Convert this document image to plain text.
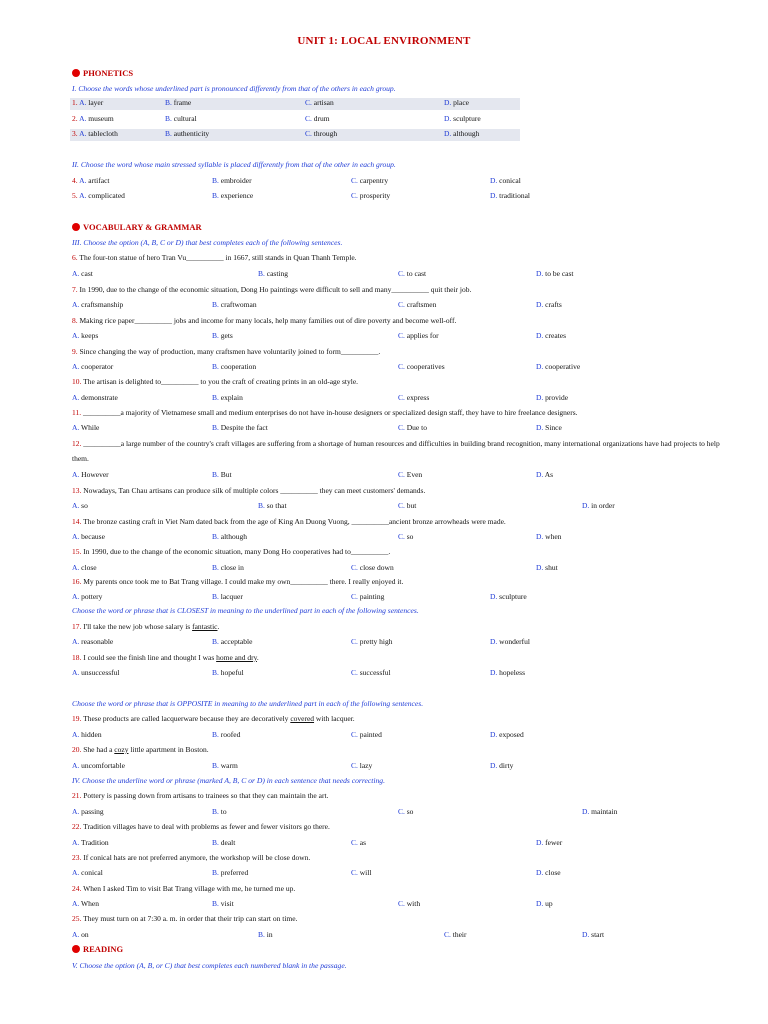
UNIT 1: LOCAL ENVIRONMENT
PHONETICS
I. Choose the words whose underlined part is pronounced differently from that of the others in each group.
1. A. layer	B. frame	C. artisan	D. place
2. A. museum	B. cultural	C. drum	D. sculpture
3. A. tablecloth	B. authenticity	C. through	D. although
II. Choose the word whose main stressed syllable is placed differently from that of the other in each group.
4. A. artifact	B. embroider	C. carpentry	D. conical
5. A. complicated	B. experience	C. prosperity	D. traditional
VOCABULARY & GRAMMAR
III. Choose the option (A, B, C or D) that best completes each of the following sentences.
6. The four-ton statue of hero Tran Vu__________ in 1667, still stands in Quan Thanh Temple.
A. cast	B. casting	C. to cast	D. to be cast
7. In 1990, due to the change of the economic situation, Dong Ho paintings were difficult to sell and many__________ quit their job.
A. craftsmanship	B. craftwoman	C. craftsmen	D. crafts
8. Making rice paper__________ jobs and income for many locals, help many families out of dire poverty and become well-off.
A. keeps	B. gets	C. applies for	D. creates
9. Since changing the way of production, many craftsmen have voluntarily joined to form__________.
A. cooperator	B. cooperation	C. cooperatives	D. cooperative
10. The artisan is delighted to__________ to you the craft of creating prints in an old-age style.
A. demonstrate	B. explain	C. express	D. provide
11. __________a majority of Vietnamese small and medium enterprises do not have in-house designers or specialized design staff, they have to hire freelance designers.
A. While	B. Despite the fact	C. Due to	D. Since
12. __________a large number of the country's craft villages are suffering from a shortage of human resources and difficulties in building brand recognition, many international organizations have had projects to help them.
A. However	B. But	C. Even	D. As
13. Nowadays, Tan Chau artisans can produce silk of multiple colors __________ they can meet customers' demands.
A. so	B. so that	C. but	D. in order
14. The bronze casting craft in Viet Nam dated back from the age of King An Duong Vuong, __________ancient bronze arrowheads were made.
A. because	B. although	C. so	D. when
15. In 1990, due to the change of the economic situation, many Dong Ho cooperatives had to__________.
A. close	B. close in	C. close down	D. shut
16. My parents once took me to Bat Trang village. I could make my own__________ there. I really enjoyed it.
A. pottery	B. lacquer	C. painting	D. sculpture
Choose the word or phrase that is CLOSEST in meaning to the underlined part in each of the following sentences.
17. I'll take the new job whose salary is fantastic.
A. reasonable	B. acceptable	C. pretty high	D. wonderful
18. I could see the finish line and thought I was home and dry.
A. unsuccessful	B. hopeful	C. successful	D. hopeless
Choose the word or phrase that is OPPOSITE in meaning to the underlined part in each of the following sentences.
19. These products are called lacquerware because they are decoratively covered with lacquer.
A. hidden	B. roofed	C. painted	D. exposed
20. She had a cozy little apartment in Boston.
A. uncomfortable	B. warm	C. lazy	D. dirty
IV. Choose the underline word or phrase (marked A, B, C or D) in each sentence that needs correcting.
21. Pottery is passing down from artisans to trainees so that they can maintain the art.
A. passing	B. to	C. so	D. maintain
22. Tradition villages have to deal with problems as fewer and fewer visitors go there.
A. Tradition	B. dealt	C. as	D. fewer
23. If conical hats are not preferred anymore, the workshop will be close down.
A. conical	B. preferred	C. will	D. close
24. When I asked Tim to visit Bat Trang village with me, he turned me up.
A. When	B. visit	C. with	D. up
25. They must turn on at 7:30 a. m. in order that their trip can start on time.
A. on	B. in	C. their	D. start
READING
V. Choose the option (A, B, or C) that best completes each numbered blank in the passage.
